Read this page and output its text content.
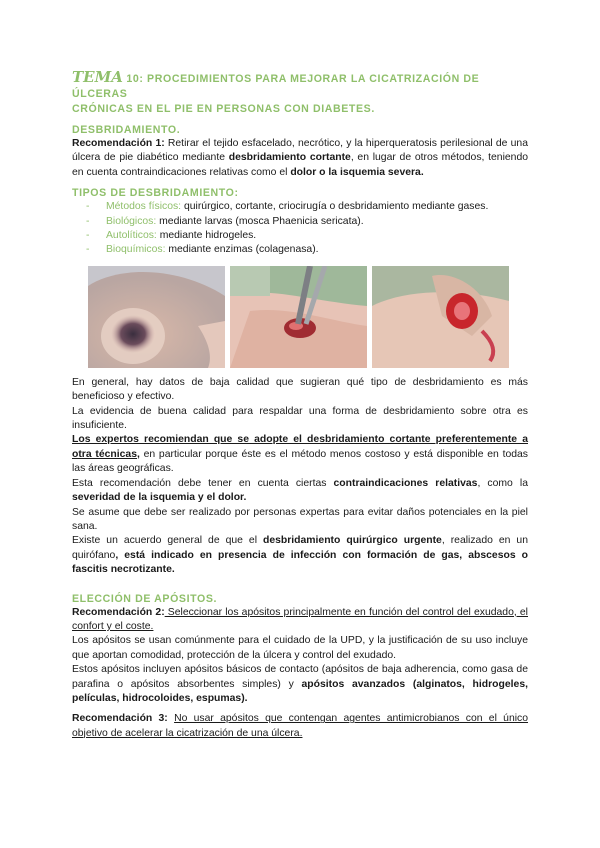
TEMA 10: PROCEDIMIENTOS PARA MEJORAR LA CICATRIZACIÓN DE ÚLCERAS

CRÓNICAS EN EL PIE EN PERSONAS CON DIABETES.

DESBRIDAMIENTO.

Recomendación 1: Retirar el tejido esfacelado, necrótico, y la hiperqueratosis perilesional de una úlcera de pie diabético mediante desbridamiento cortante, en lugar de otros métodos, teniendo en cuenta contraindicaciones relativas como el dolor o la isquemia severa.

TIPOS DE DESBRIDAMIENTO:
- Métodos físicos: quirúrgico, cortante, criocirugía o desbridamiento mediante gases.
- Biológicos: mediante larvas (mosca Phaenicia sericata).
- Autolíticos: mediante hidrogeles.
- Bioquímicos: mediante enzimas (colagenasa).

En general, hay datos de baja calidad que sugieran qué tipo de desbridamiento es más beneficioso y efectivo.

La evidencia de buena calidad para respaldar una forma de desbridamiento sobre otra es insuficiente.

Los expertos recomiendan que se adopte el desbridamiento cortante preferentemente a otra técnicas, en particular porque éste es el método menos costoso y está disponible en todas las áreas geográficas.

Esta recomendación debe tener en cuenta ciertas contraindicaciones relativas, como la severidad de la isquemia y el dolor.

Se asume que debe ser realizado por personas expertas para evitar daños potenciales en la piel sana.

Existe un acuerdo general de que el desbridamiento quirúrgico urgente, realizado en un quirófano, está indicado en presencia de infección con formación de gas, abscesos o fascitis necrotizante.

ELECCIÓN DE APÓSITOS.

Recomendación 2: Seleccionar los apósitos principalmente en función del control del exudado, el confort y el coste.

Los apósitos se usan comúnmente para el cuidado de la UPD, y la justificación de su uso incluye que aportan comodidad, protección de la úlcera y control del exudado.

Estos apósitos incluyen apósitos básicos de contacto (apósitos de baja adherencia, como gasa de parafina o apósitos absorbentes simples) y apósitos avanzados (alginatos, hidrogeles, películas, hidrocoloides, espumas).

Recomendación 3: No usar apósitos que contengan agentes antimicrobianos con el único objetivo de acelerar la cicatrización de una úlcera.
